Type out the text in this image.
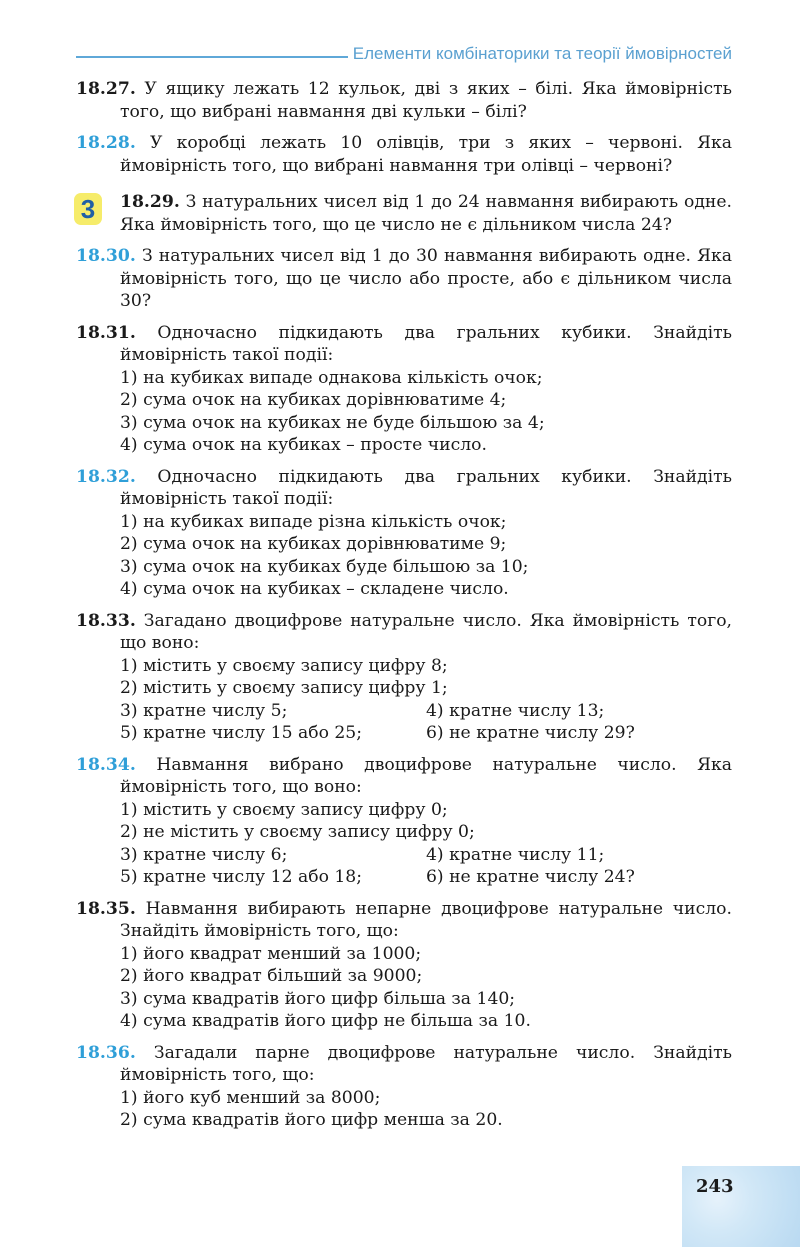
Елементи комбінаторики та теорії ймовірностей
18.27. У ящику лежать 12 кульок, дві з яких – білі. Яка ймовірність того, що вибрані навмання дві кульки – білі?
18.28. У коробці лежать 10 олівців, три з яких – червоні. Яка ймовірність того, що вибрані навмання три олівці – червоні?
3	18.29. З натуральних чисел від 1 до 24 навмання вибирають одне. Яка ймовірність того, що це число не є дільником числа 24?
18.30. З натуральних чисел від 1 до 30 навмання вибирають одне. Яка ймовірність того, що це число або просте, або є дільником числа 30?
18.31. Одночасно підкидають два гральних кубики. Знайдіть ймовірність такої події:
1) на кубиках випаде однакова кількість очок;
2) сума очок на кубиках дорівнюватиме 4;
3) сума очок на кубиках не буде більшою за 4;
4) сума очок на кубиках – просте число.
18.32. Одночасно підкидають два гральних кубики. Знайдіть ймовірність такої події:
1) на кубиках випаде різна кількість очок;
2) сума очок на кубиках дорівнюватиме 9;
3) сума очок на кубиках буде більшою за 10;
4) сума очок на кубиках – складене число.
18.33. Загадано двоцифрове натуральне число. Яка ймовірність того, що воно:
1) містить у своєму запису цифру 8;
2) містить у своєму запису цифру 1;
3) кратне числу 5;	4) кратне числу 13;
5) кратне числу 15 або 25;	6) не кратне числу 29?
18.34. Навмання вибрано двоцифрове натуральне число. Яка ймовірність того, що воно:
1) містить у своєму запису цифру 0;
2) не містить у своєму запису цифру 0;
3) кратне числу 6;	4) кратне числу 11;
5) кратне числу 12 або 18;	6) не кратне числу 24?
18.35. Навмання вибирають непарне двоцифрове натуральне число. Знайдіть ймовірність того, що:
1) його квадрат менший за 1000;
2) його квадрат більший за 9000;
3) сума квадратів його цифр більша за 140;
4) сума квадратів його цифр не більша за 10.
18.36. Загадали парне двоцифрове натуральне число. Знайдіть ймовірність того, що:
1) його куб менший за 8000;
2) сума квадратів його цифр менша за 20.
243
